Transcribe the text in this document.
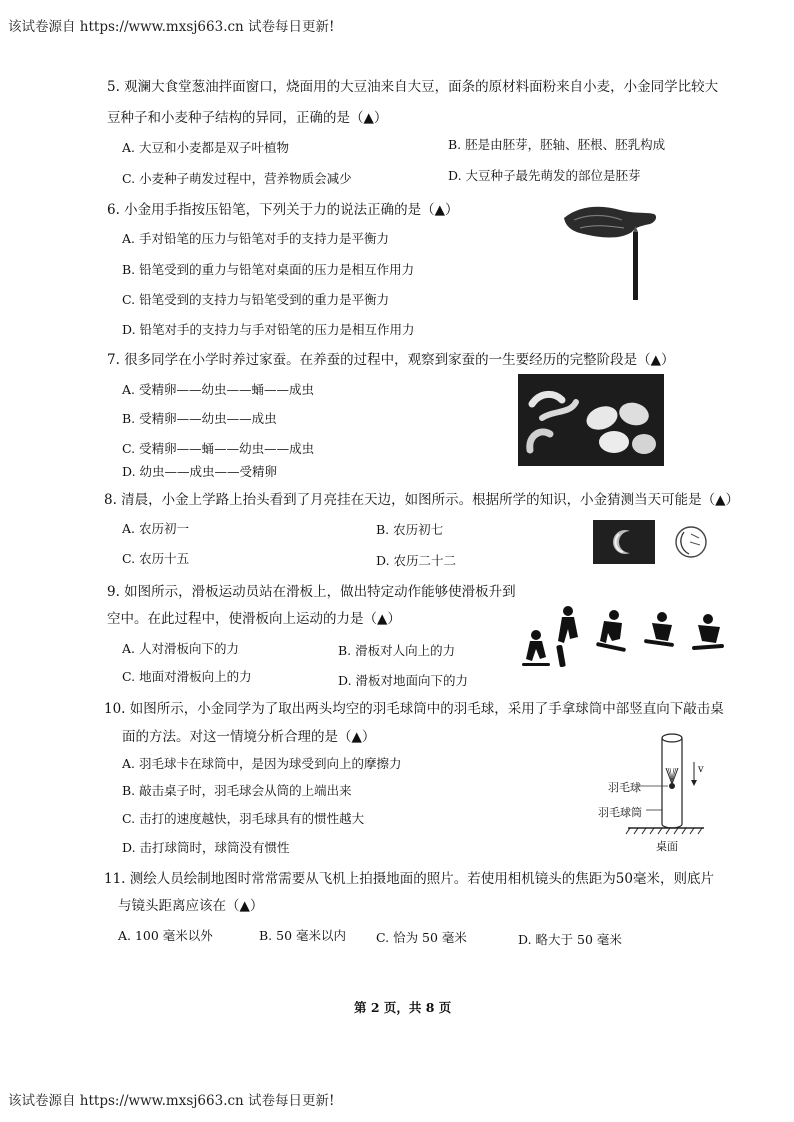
该试卷源自 https://www.mxsj663.cn 试卷每日更新!
5. 观澜大食堂葱油拌面窗口，烧面用的大豆油来自大豆，面条的原材料面粉来自小麦，小金同学比较大
豆种子和小麦种子结构的异同，正确的是（▲）
A. 大豆和小麦都是双子叶植物	B. 胚是由胚芽，胚轴、胚根、胚乳构成
C. 小麦种子萌发过程中，营养物质会减少	D. 大豆种子最先萌发的部位是胚芽
6. 小金用手指按压铅笔，下列关于力的说法正确的是（▲）
A. 手对铅笔的压力与铅笔对手的支持力是平衡力
B. 铅笔受到的重力与铅笔对桌面的压力是相互作用力
C. 铅笔受到的支持力与铅笔受到的重力是平衡力
D. 铅笔对手的支持力与手对铅笔的压力是相互作用力
7. 很多同学在小学时养过家蚕。在养蚕的过程中，观察到家蚕的一生要经历的完整阶段是（▲）
A. 受精卵——幼虫——蛹——成虫
B. 受精卵——幼虫——成虫
C. 受精卵——蛹——幼虫——成虫
D. 幼虫——成虫——受精卵
8. 清晨，小金上学路上抬头看到了月亮挂在天边，如图所示。根据所学的知识，小金猜测当天可能是（▲）
A. 农历初一	B. 农历初七
C. 农历十五	D. 农历二十二
9. 如图所示，滑板运动员站在滑板上，做出特定动作能够使滑板升到
空中。在此过程中，使滑板向上运动的力是（▲）
A. 人对滑板向下的力	B. 滑板对人向上的力
C. 地面对滑板向上的力	D. 滑板对地面向下的力
10. 如图所示，小金同学为了取出两头均空的羽毛球筒中的羽毛球，采用了手拿球筒中部竖直向下敲击桌
面的方法。对这一情境分析合理的是（▲）
A. 羽毛球卡在球筒中，是因为球受到向上的摩擦力
B. 敲击桌子时，羽毛球会从筒的上端出来
C. 击打的速度越快，羽毛球具有的惯性越大
D. 击打球筒时，球筒没有惯性
羽毛球
羽毛球筒
桌面
v
11. 测绘人员绘制地图时常常需要从飞机上拍摄地面的照片。若使用相机镜头的焦距为50毫米，则底片
与镜头距离应该在（▲）
A. 100 毫米以外	B. 50 毫米以内 C. 恰为 50 毫米	D. 略大于 50 毫米
第 2 页，共 8 页
该试卷源自 https://www.mxsj663.cn 试卷每日更新!
